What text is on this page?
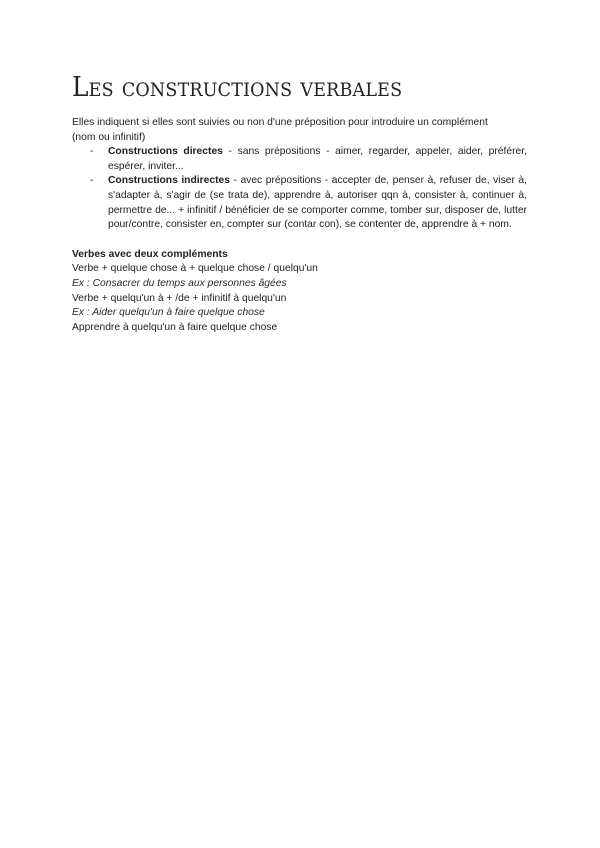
Les constructions verbales

Elles indiquent si elles sont suivies ou non d'une préposition pour introduire un complément
(nom ou infinitif)

- Constructions directes - sans prépositions - aimer, regarder, appeler, aider, préférer, espérer, inviter...
- Constructions indirectes - avec prépositions - accepter de, penser à, refuser de, viser à, s'adapter à, s'agir de (se trata de), apprendre à, autoriser qqn à, consister à, continuer à, permettre de... + infinitif / bénéficier de se comporter comme, tomber sur, disposer de, lutter pour/contre, consister en, compter sur (contar con), se contenter de, apprendre à + nom.

Verbes avec deux compléments

Verbe + quelque chose à + quelque chose / quelqu'un
Ex : Consacrer du temps aux personnes âgées
Verbe + quelqu'un à + /de + infinitif à quelqu'un
Ex : Aider quelqu'un à faire quelque chose
Apprendre à quelqu'un à faire quelque chose
